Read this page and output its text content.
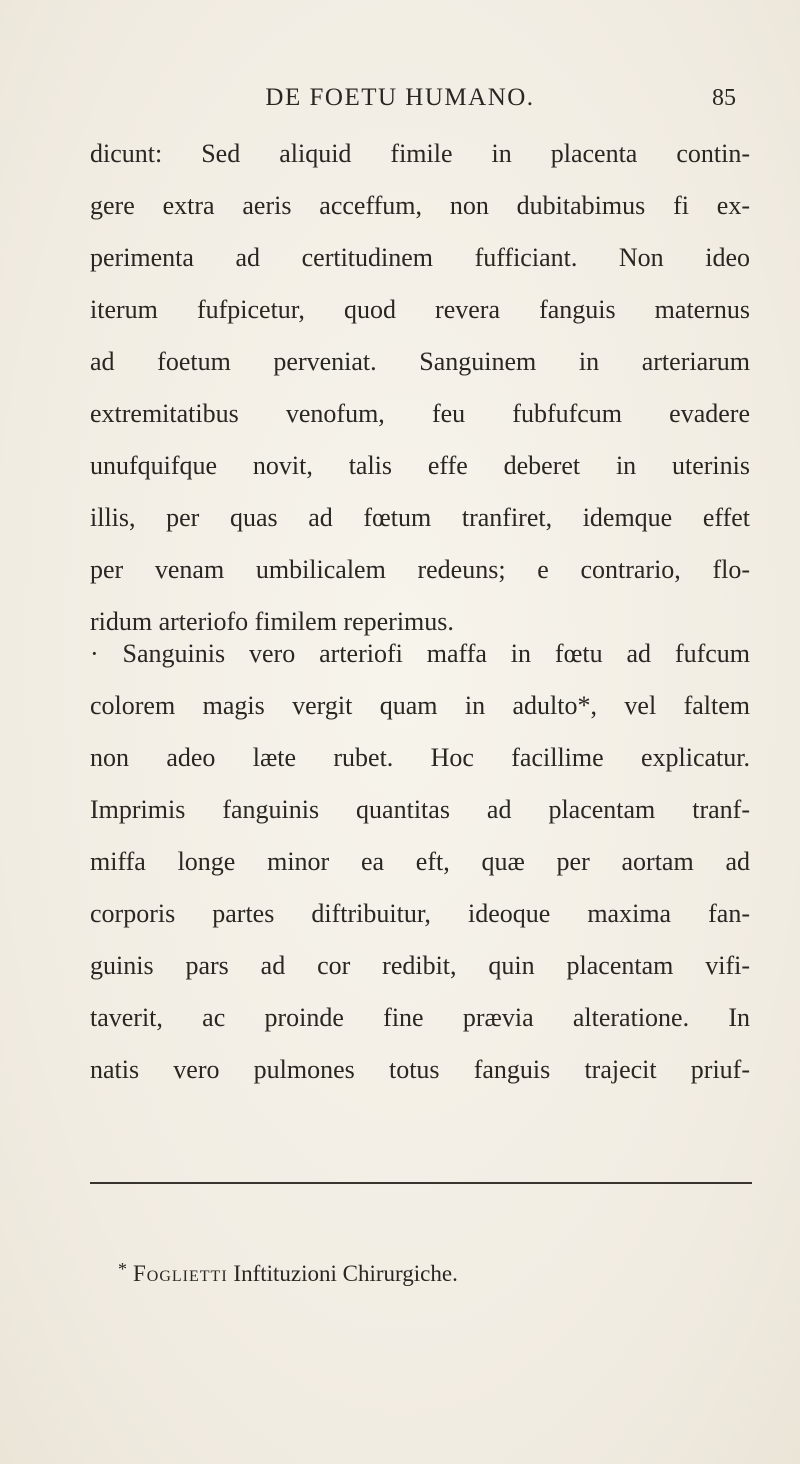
DE FOETU HUMANO.	85
dicunt: Sed aliquid fimile in placenta contin-
gere extra aeris acceffum, non dubitabimus fi ex-
perimenta ad certitudinem fufficiant. Non ideo
iterum fufpicetur, quod revera fanguis maternus
ad foetum perveniat. Sanguinem in arteriarum
extremitatibus venofum, feu fubfufcum evadere
unufquifque novit, talis effe deberet in uterinis
illis, per quas ad fœtum tranfiret, idemque effet
per venam umbilicalem redeuns; e contrario, flo-
ridum arteriofo fimilem reperimus.
· Sanguinis vero arteriofi maffa in fœtu ad fufcum
colorem magis vergit quam in adulto*, vel faltem
non adeo læte rubet. Hoc facillime explicatur.
Imprimis fanguinis quantitas ad placentam tranf-
miffa longe minor ea eft, quæ per aortam ad
corporis partes diftribuitur, ideoque maxima fan-
guinis pars ad cor redibit, quin placentam vifi-
taverit, ac proinde fine prævia alteratione. In
natis vero pulmones totus fanguis trajecit priuf-
* Foglietti Inftituzioni Chirurgiche.
